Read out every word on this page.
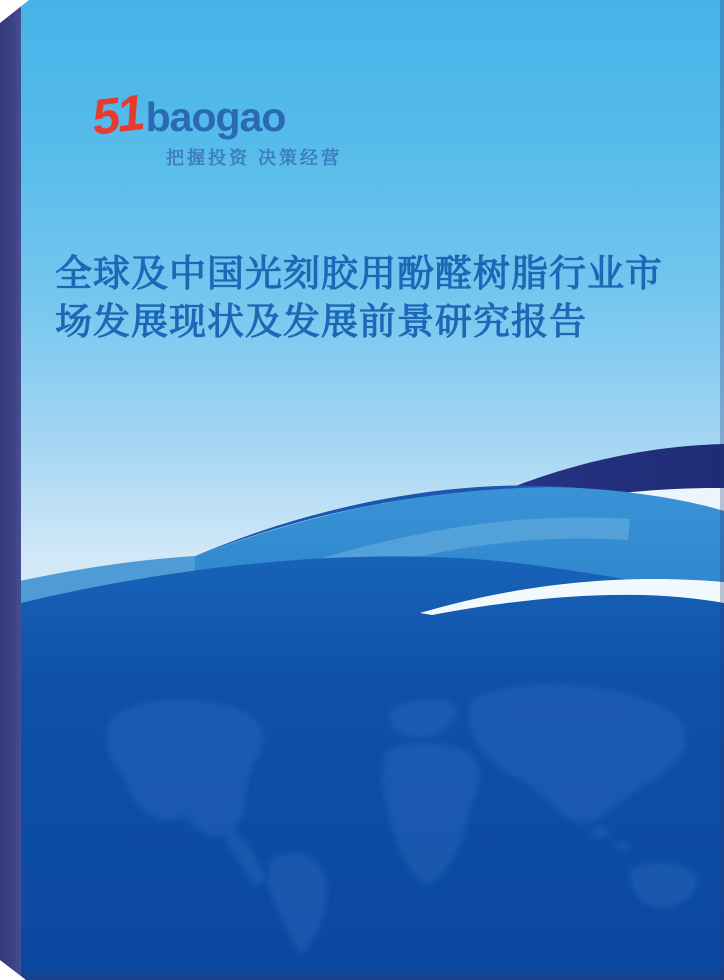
51 baogao
把握投资 决策经营
全球及中国光刻胶用酚醛树脂行业市
场发展现状及发展前景研究报告
